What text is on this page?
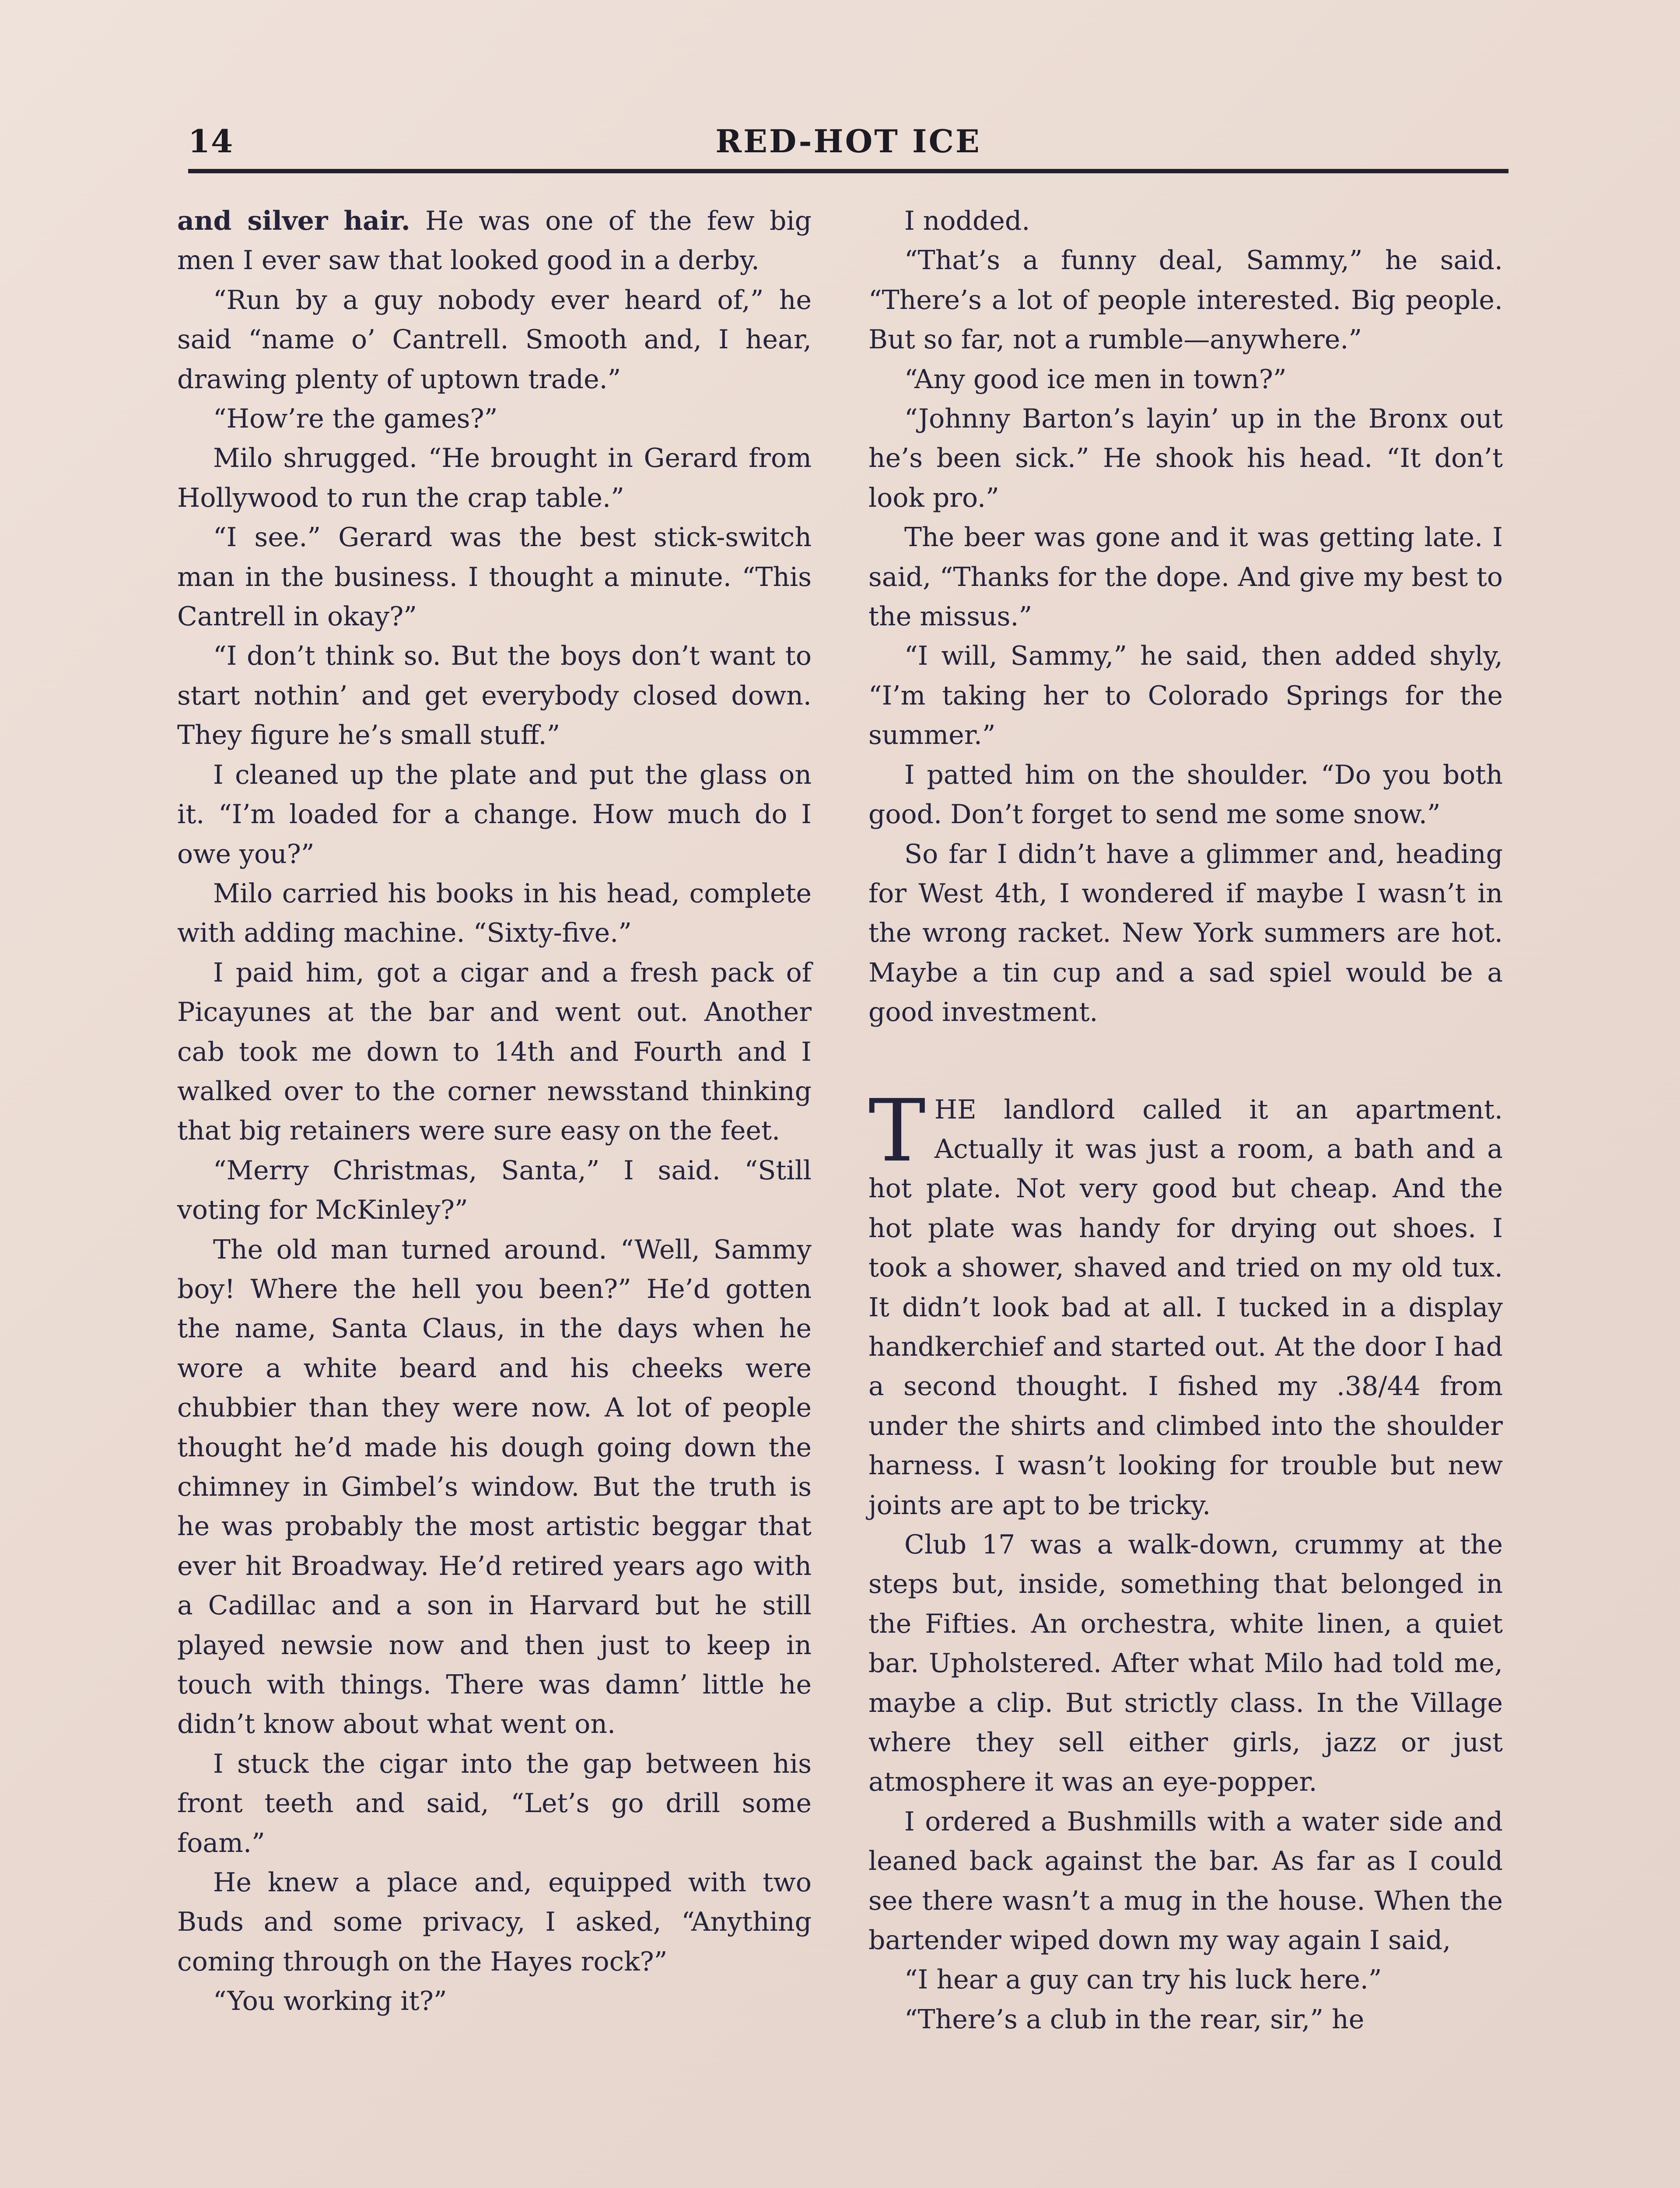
14	RED-HOT ICE

and silver hair. He was one of the few big men I ever saw that looked good in a derby.

“Run by a guy nobody ever heard of,” he said “name o’ Cantrell. Smooth and, I hear, drawing plenty of uptown trade.”

“How’re the games?”

Milo shrugged. “He brought in Gerard from Hollywood to run the crap table.”

“I see.” Gerard was the best stick-switch man in the business. I thought a minute. “This Cantrell in okay?”

“I don’t think so. But the boys don’t want to start nothin’ and get everybody closed down. They figure he’s small stuff.”

I cleaned up the plate and put the glass on it. “I’m loaded for a change. How much do I owe you?”

Milo carried his books in his head, complete with adding machine. “Sixty-five.”

I paid him, got a cigar and a fresh pack of Picayunes at the bar and went out. Another cab took me down to 14th and Fourth and I walked over to the corner newsstand thinking that big retainers were sure easy on the feet.

“Merry Christmas, Santa,” I said. “Still voting for McKinley?”

The old man turned around. “Well, Sammy boy! Where the hell you been?” He’d gotten the name, Santa Claus, in the days when he wore a white beard and his cheeks were chubbier than they were now. A lot of people thought he’d made his dough going down the chimney in Gimbel’s window. But the truth is he was probably the most artistic beggar that ever hit Broadway. He’d retired years ago with a Cadillac and a son in Harvard but he still played newsie now and then just to keep in touch with things. There was damn’ little he didn’t know about what went on.

I stuck the cigar into the gap between his front teeth and said, “Let’s go drill some foam.”

He knew a place and, equipped with two Buds and some privacy, I asked, “Anything coming through on the Hayes rock?”

“You working it?”

I nodded.

“That’s a funny deal, Sammy,” he said. “There’s a lot of people interested. Big people. But so far, not a rumble—anywhere.”

“Any good ice men in town?”

“Johnny Barton’s layin’ up in the Bronx out he’s been sick.” He shook his head. “It don’t look pro.”

The beer was gone and it was getting late. I said, “Thanks for the dope. And give my best to the missus.”

“I will, Sammy,” he said, then added shyly, “I’m taking her to Colorado Springs for the summer.”

I patted him on the shoulder. “Do you both good. Don’t forget to send me some snow.”

So far I didn’t have a glimmer and, heading for West 4th, I wondered if maybe I wasn’t in the wrong racket. New York summers are hot. Maybe a tin cup and a sad spiel would be a good investment.

THE landlord called it an apartment. Actually it was just a room, a bath and a hot plate. Not very good but cheap. And the hot plate was handy for drying out shoes. I took a shower, shaved and tried on my old tux. It didn’t look bad at all. I tucked in a display handkerchief and started out. At the door I had a second thought. I fished my .38/44 from under the shirts and climbed into the shoulder harness. I wasn’t looking for trouble but new joints are apt to be tricky.

Club 17 was a walk-down, crummy at the steps but, inside, something that belonged in the Fifties. An orchestra, white linen, a quiet bar. Upholstered. After what Milo had told me, maybe a clip. But strictly class. In the Village where they sell either girls, jazz or just atmosphere it was an eye-popper.

I ordered a Bushmills with a water side and leaned back against the bar. As far as I could see there wasn’t a mug in the house. When the bartender wiped down my way again I said,

“I hear a guy can try his luck here.”

“There’s a club in the rear, sir,” he
